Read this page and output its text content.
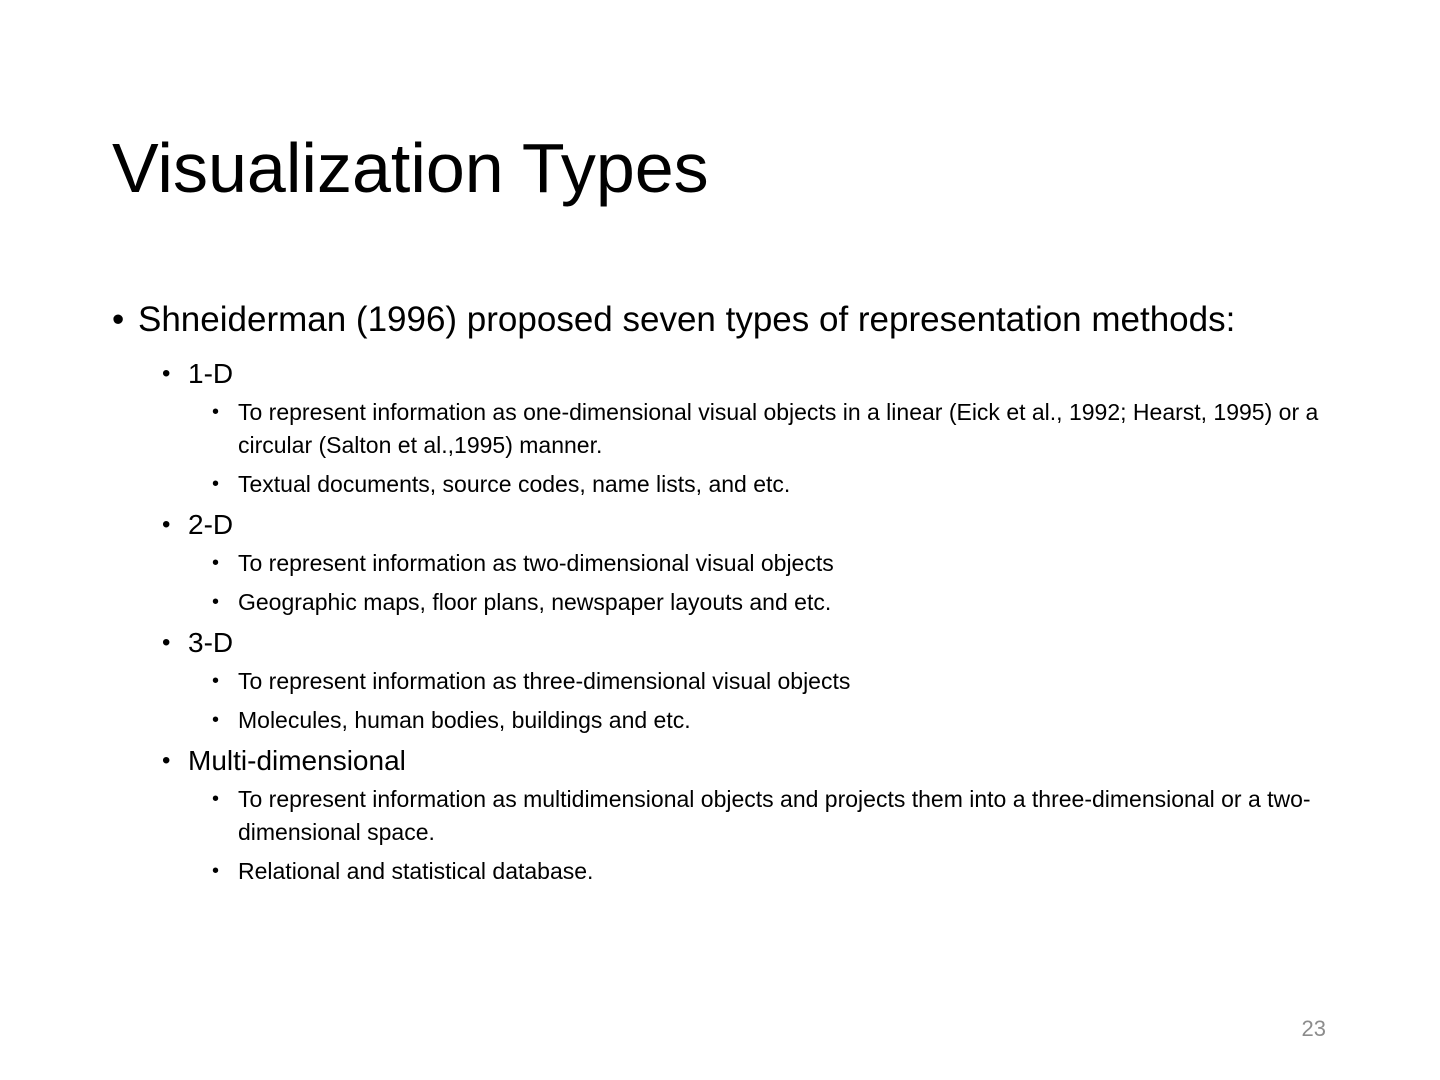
Visualization Types
• Shneiderman (1996) proposed seven types of representation methods:
• 1-D
• To represent information as one-dimensional visual objects in a linear (Eick et al., 1992; Hearst, 1995) or a circular (Salton et al.,1995) manner.
• Textual documents, source codes, name lists, and etc.
• 2-D
• To represent information as two-dimensional visual objects
• Geographic maps, floor plans, newspaper layouts and etc.
• 3-D
• To represent information as three-dimensional visual objects
• Molecules, human bodies, buildings and etc.
• Multi-dimensional
• To represent information as multidimensional objects and projects them into a three-dimensional or a two-dimensional space.
• Relational and statistical database.
23
